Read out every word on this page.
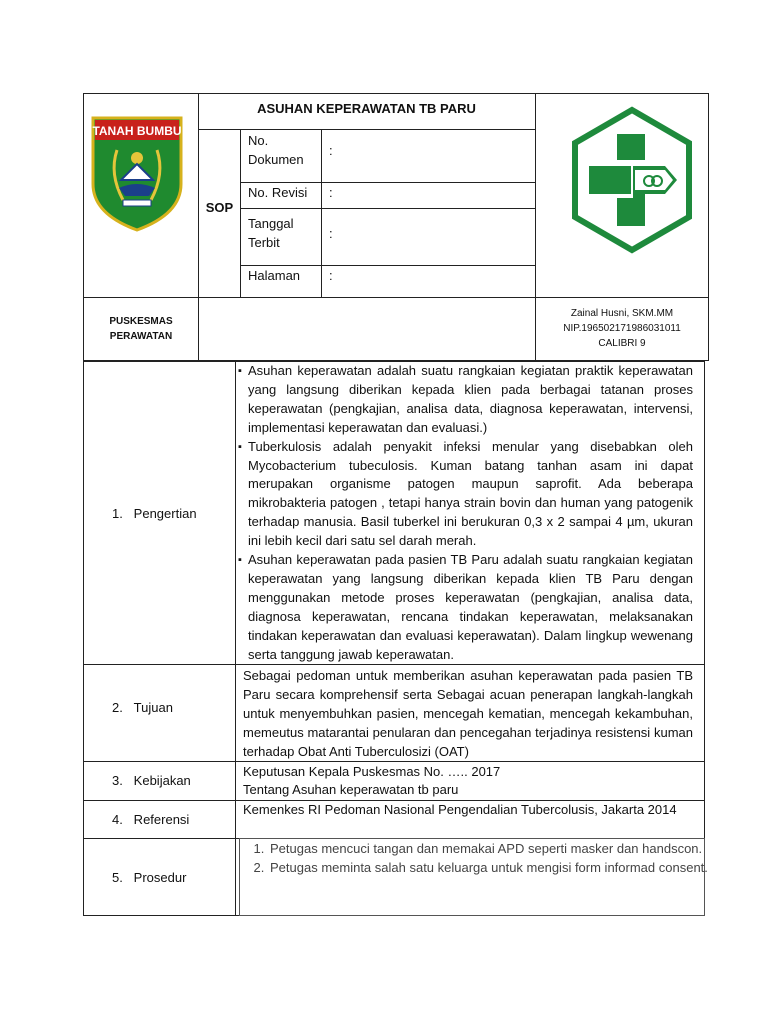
TANAH BUMBU
ASUHAN KEPERAWATAN TB PARU
SOP
No.
Dokumen
:
No. Revisi :
Tanggal
Terbit
:
Halaman :
PUSKESMAS
PERAWATAN
Zainal Husni, SKM.MM
NIP.196502171986031011
CALIBRI 9
1.   Pengertian
▪ Asuhan keperawatan adalah suatu rangkaian kegiatan praktik keperawatan yang langsung diberikan kepada klien pada berbagai tatanan proses keperawatan (pengkajian, analisa data, diagnosa keperawatan, intervensi, implementasi keperawatan dan evaluasi.)
▪ Tuberkulosis adalah penyakit infeksi menular yang disebabkan oleh Mycobacterium tubeculosis. Kuman batang tanhan asam ini dapat merupakan organisme patogen maupun saprofit. Ada beberapa mikrobakteria patogen , tetapi hanya strain bovin dan human yang patogenik terhadap manusia. Basil tuberkel ini berukuran 0,3 x 2 sampai 4 µm, ukuran ini lebih kecil dari satu sel darah merah.
▪ Asuhan keperawatan pada pasien TB Paru adalah suatu rangkaian kegiatan keperawatan yang langsung diberikan kepada klien TB Paru dengan menggunakan metode proses keperawatan (pengkajian, analisa data, diagnosa keperawatan, rencana tindakan keperawatan, melaksanakan tindakan keperawatan dan evaluasi keperawatan). Dalam lingkup wewenang serta tanggung jawab keperawatan.
2.   Tujuan
Sebagai pedoman untuk memberikan asuhan keperawatan pada pasien TB Paru secara komprehensif serta Sebagai acuan penerapan langkah-langkah untuk menyembuhkan pasien, mencegah kematian, mencegah kekambuhan, memeutus matarantai penularan dan pencegahan terjadinya resistensi kuman terhadap Obat Anti Tuberculosizi (OAT)
3.   Kebijakan
Keputusan Kepala Puskesmas No. ….. 2017
Tentang Asuhan keperawatan tb paru
4.   Referensi
Kemenkes RI Pedoman Nasional Pengendalian Tubercolusis, Jakarta 2014
5.   Prosedur
1. Petugas mencuci tangan dan memakai APD seperti masker dan handscon.
2. Petugas meminta salah satu keluarga untuk mengisi form informad consent.
